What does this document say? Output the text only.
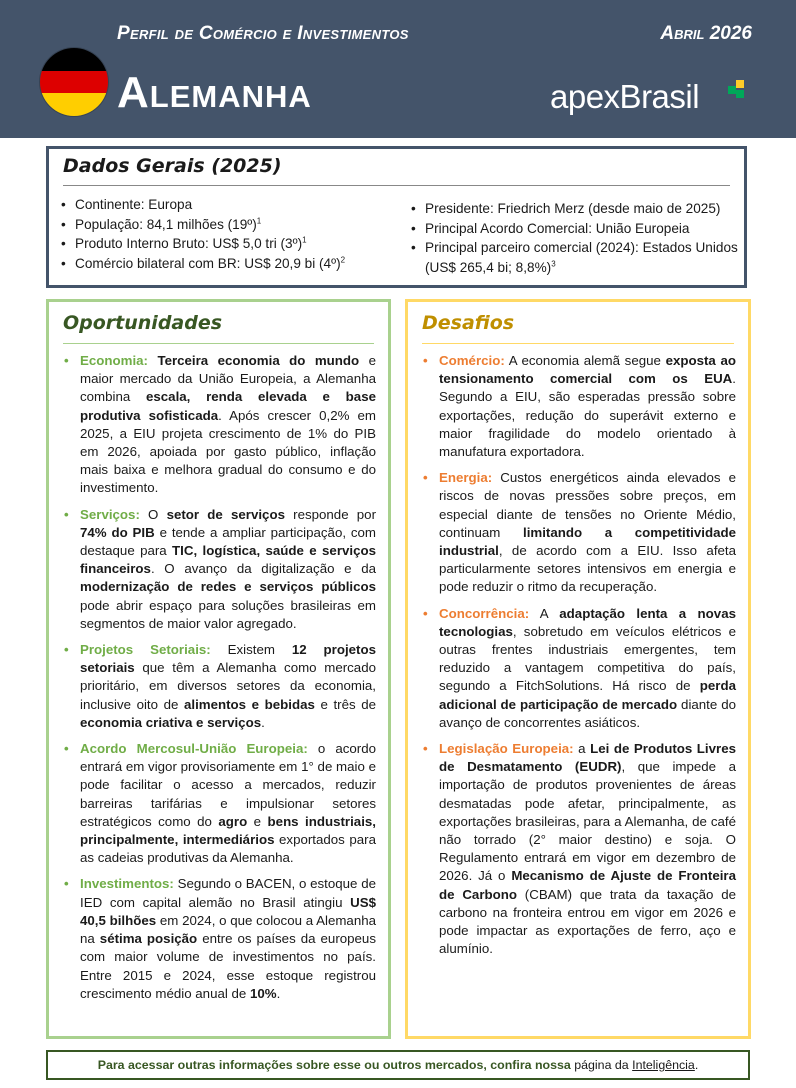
Perfil de Comércio e Investimentos	Abril 2026
Alemanha	apexBrasil
Dados Gerais (2025)
• Continente: Europa
• População: 84,1 milhões (19º)$^1$
• Produto Interno Bruto: US$ 5,0 tri (3º)$^1$
• Comércio bilateral com BR: US$ 20,9 bi (4º)$^2$
• Presidente: Friedrich Merz (desde maio de 2025)
• Principal Acordo Comercial: União Europeia
• Principal parceiro comercial (2024): Estados Unidos (US$ 265,4 bi; 8,8%)$^3$
Oportunidades
• Economia: Terceira economia do mundo e maior mercado da União Europeia, a Alemanha combina escala, renda elevada e base produtiva sofisticada. Após crescer 0,2% em 2025, a EIU projeta crescimento de 1% do PIB em 2026, apoiada por gasto público, inflação mais baixa e melhora gradual do consumo e do investimento.
• Serviços: O setor de serviços responde por 74% do PIB e tende a ampliar participação, com destaque para TIC, logística, saúde e serviços financeiros. O avanço da digitalização e da modernização de redes e serviços públicos pode abrir espaço para soluções brasileiras em segmentos de maior valor agregado.
• Projetos Setoriais: Existem 12 projetos setoriais que têm a Alemanha como mercado prioritário, em diversos setores da economia, inclusive oito de alimentos e bebidas e três de economia criativa e serviços.
• Acordo Mercosul-União Europeia: o acordo entrará em vigor provisoriamente em 1° de maio e pode facilitar o acesso a mercados, reduzir barreiras tarifárias e impulsionar setores estratégicos como do agro e bens industriais, principalmente, intermediários exportados para as cadeias produtivas da Alemanha.
• Investimentos: Segundo o BACEN, o estoque de IED com capital alemão no Brasil atingiu US$ 40,5 bilhões em 2024, o que colocou a Alemanha na sétima posição entre os países da europeus com maior volume de investimentos no país. Entre 2015 e 2024, esse estoque registrou crescimento médio anual de 10%.
Desafios
• Comércio: A economia alemã segue exposta ao tensionamento comercial com os EUA. Segundo a EIU, são esperadas pressão sobre exportações, redução do superávit externo e maior fragilidade do modelo orientado à manufatura exportadora.
• Energia: Custos energéticos ainda elevados e riscos de novas pressões sobre preços, em especial diante de tensões no Oriente Médio, continuam limitando a competitividade industrial, de acordo com a EIU. Isso afeta particularmente setores intensivos em energia e pode reduzir o ritmo da recuperação.
• Concorrência: A adaptação lenta a novas tecnologias, sobretudo em veículos elétricos e outras frentes industriais emergentes, tem reduzido a vantagem competitiva do país, segundo a FitchSolutions. Há risco de perda adicional de participação de mercado diante do avanço de concorrentes asiáticos.
• Legislação Europeia: a Lei de Produtos Livres de Desmatamento (EUDR), que impede a importação de produtos provenientes de áreas desmatadas pode afetar, principalmente, as exportações brasileiras, para a Alemanha, de café não torrado (2° maior destino) e soja. O Regulamento entrará em vigor em dezembro de 2026. Já o Mecanismo de Ajuste de Fronteira de Carbono (CBAM) que trata da taxação de carbono na fronteira entrou em vigor em 2026 e pode impactar as exportações de ferro, aço e alumínio.
Para acessar outras informações sobre esse ou outros mercados, confira nossa página da Inteligência.
